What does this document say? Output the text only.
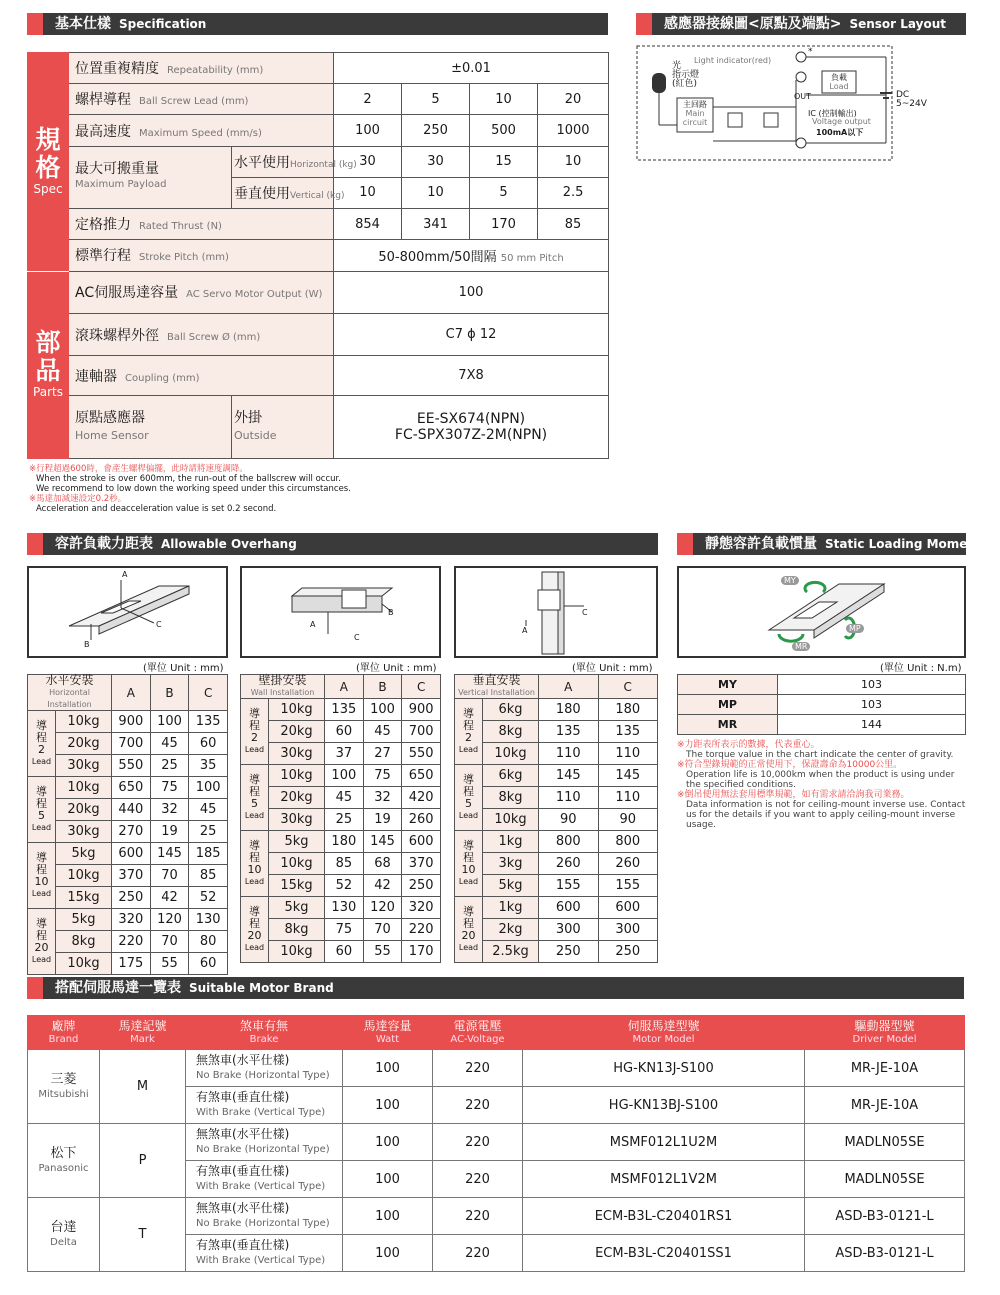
基本仕樣 Specification	感應器接線圖<原點及端點> Sensor Layout
規
格
Spec	位置重複精度 Repeatability (mm)		±0.01			
	螺桿導程 Ball Screw Lead (mm)		2	5	10	20
	最高速度 Maximum Speed (mm/s)		100	250	500	1000
	最大可搬重量
Maximum Payload	水平使用Horizontal (kg)	30	30	15	10
		垂直使用Vertical (kg)	10	10	5	2.5
	定格推力 Rated Thrust (N)		854	341	170	85
	標準行程 Stroke Pitch (mm)		50-800mm/50間隔 50 mm Pitch			

部
品
Parts	AC伺服馬達容量 AC Servo Motor Output (W)		100			
	滾珠螺桿外徑 Ball Screw Ø (mm)		C7 ϕ 12			
	連軸器 Coupling (mm)		7X8			
	原點感應器
Home Sensor	外掛
Outside	EE-SX674(NPN)
FC-SPX307Z-2M(NPN)			
※行程超過600時，會產生螺桿偏擺，此時請將速度調降。
When the stroke is over 600mm, the run-out of the ballscrew will occur.
We recommend to low down the working speed under this circumstances.
※馬達加減速設定0.2秒。
Acceleration and deacceleration value is set 0.2 second.
Light indicator(red)
光
指示燈
(紅色)
主回路
Main
circuit
負載
Load
OUT
IC (控制輸出)
Voltage output
100mA以下
DC
5~24V
*
容許負載力距表 Allowable Overhang	靜態容許負載慣量 Static Loading Moment
A
B
C	A
B
C
C
A
MY
MP
MR
(單位 Unit : mm)	(單位 Unit : mm)	(單位 Unit : mm)	(單位 Unit : N.m)
水平安裝
Horizontal Installation		A	B	C
導
程
2
Lead	10kg	900	100	135
	20kg	700	45	60
	30kg	550	25	35
導
程
5
Lead	10kg	650	75	100
	20kg	440	32	45
	30kg	270	19	25
導
程
10
Lead	5kg	600	145	185
	10kg	370	70	85
	15kg	250	42	52
導
程
20
Lead	5kg	320	120	130
	8kg	220	70	80
	10kg	175	55	60
壁掛安裝
Wall Installation		A	B	C
導
程
2
Lead	10kg	135	100	900
	20kg	60	45	700
	30kg	37	27	550
導
程
5
Lead	10kg	100	75	650
	20kg	45	32	420
	30kg	25	19	260
導
程
10
Lead	5kg	180	145	600
	10kg	85	68	370
	15kg	52	42	250
導
程
20
Lead	5kg	130	120	320
	8kg	75	70	220
	10kg	60	55	170
垂直安裝
Vertical Installation		A	C
導
程
2
Lead	6kg	180	180
	8kg	135	135
	10kg	110	110
導
程
5
Lead	6kg	145	145
	8kg	110	110
	10kg	90	90
導
程
10
Lead	1kg	800	800
	3kg	260	260
	5kg	155	155
導
程
20
Lead	1kg	600	600
	2kg	300	300
	2.5kg	250	250
MY	103
MP	103
MR	144
※力距表所表示的數據，代表重心。
The torque value in the chart indicate the center of gravity.
※符合型錄規範的正常使用下，保證壽命為10000公里。
Operation life is 10,000km when the product is using under the specified conditions.
※倒吊使用無法套用標準規範，如有需求請洽詢我司業務。
Data information is not for ceiling-mount inverse use. Contact us for the details if you want to apply ceiling-mount inverse usage.
搭配伺服馬達一覽表 Suitable Motor Brand
廠牌
Brand	馬達記號
Mark	煞車有無
Brake	馬達容量
Watt	電源電壓
AC-Voltage	伺服馬達型號
Motor Model	驅動器型號
Driver Model

三菱
Mitsubishi	M	無煞車(水平仕樣)
No Brake (Horizontal Type)	100	220	HG-KN13J-S100	MR-JE-10A
		有煞車(垂直仕樣)
With Brake (Vertical Type)	100	220	HG-KN13BJ-S100	MR-JE-10A
松下
Panasonic	P	無煞車(水平仕樣)
No Brake (Horizontal Type)	100	220	MSMF012L1U2M	MADLN05SE
		有煞車(垂直仕樣)
With Brake (Vertical Type)	100	220	MSMF012L1V2M	MADLN05SE
台達
Delta	T	無煞車(水平仕樣)
No Brake (Horizontal Type)	100	220	ECM-B3L-C20401RS1	ASD-B3-0121-L
		有煞車(垂直仕樣)
With Brake (Vertical Type)	100	220	ECM-B3L-C20401SS1	ASD-B3-0121-L
